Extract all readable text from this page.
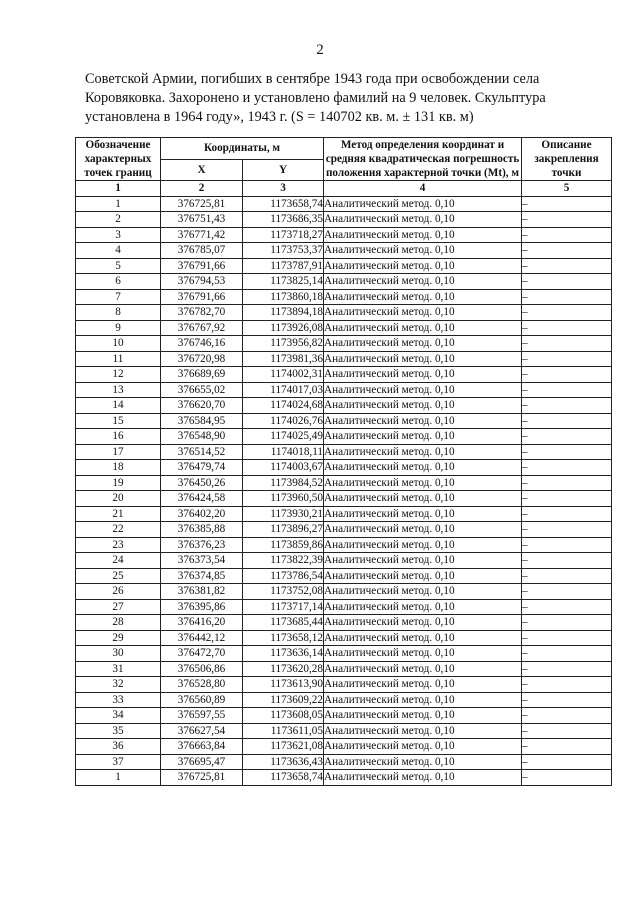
2

Советской Армии, погибших в сентябре 1943 года при освобождении села
Коровяковка. Захоронено и установлено фамилий на 9 человек. Скульптура
установлена в 1964 году», 1943 г. (S = 140702 кв. м. ± 131 кв. м)

Обозначение характерных точек границ	Координаты, м		Метод определения координат и средняя квадратическая погрешность положения характерной точки (Mt), м	Описание закрепления точки
	X	Y		
1	2	3	4	5
1	376725,81	1173658,74	Аналитический метод. 0,10	–
2	376751,43	1173686,35	Аналитический метод. 0,10	–
3	376771,42	1173718,27	Аналитический метод. 0,10	–
4	376785,07	1173753,37	Аналитический метод. 0,10	–
5	376791,66	1173787,91	Аналитический метод. 0,10	–
6	376794,53	1173825,14	Аналитический метод. 0,10	–
7	376791,66	1173860,18	Аналитический метод. 0,10	–
8	376782,70	1173894,18	Аналитический метод. 0,10	–
9	376767,92	1173926,08	Аналитический метод. 0,10	–
10	376746,16	1173956,82	Аналитический метод. 0,10	–
11	376720,98	1173981,36	Аналитический метод. 0,10	–
12	376689,69	1174002,31	Аналитический метод. 0,10	–
13	376655,02	1174017,03	Аналитический метод. 0,10	–
14	376620,70	1174024,68	Аналитический метод. 0,10	–
15	376584,95	1174026,76	Аналитический метод. 0,10	–
16	376548,90	1174025,49	Аналитический метод. 0,10	–
17	376514,52	1174018,11	Аналитический метод. 0,10	–
18	376479,74	1174003,67	Аналитический метод. 0,10	–
19	376450,26	1173984,52	Аналитический метод. 0,10	–
20	376424,58	1173960,50	Аналитический метод. 0,10	–
21	376402,20	1173930,21	Аналитический метод. 0,10	–
22	376385,88	1173896,27	Аналитический метод. 0,10	–
23	376376,23	1173859,86	Аналитический метод. 0,10	–
24	376373,54	1173822,39	Аналитический метод. 0,10	–
25	376374,85	1173786,54	Аналитический метод. 0,10	–
26	376381,82	1173752,08	Аналитический метод. 0,10	–
27	376395,86	1173717,14	Аналитический метод. 0,10	–
28	376416,20	1173685,44	Аналитический метод. 0,10	–
29	376442,12	1173658,12	Аналитический метод. 0,10	–
30	376472,70	1173636,14	Аналитический метод. 0,10	–
31	376506,86	1173620,28	Аналитический метод. 0,10	–
32	376528,80	1173613,90	Аналитический метод. 0,10	–
33	376560,89	1173609,22	Аналитический метод. 0,10	–
34	376597,55	1173608,05	Аналитический метод. 0,10	–
35	376627,54	1173611,05	Аналитический метод. 0,10	–
36	376663,84	1173621,08	Аналитический метод. 0,10	–
37	376695,47	1173636,43	Аналитический метод. 0,10	–
1	376725,81	1173658,74	Аналитический метод. 0,10	–
